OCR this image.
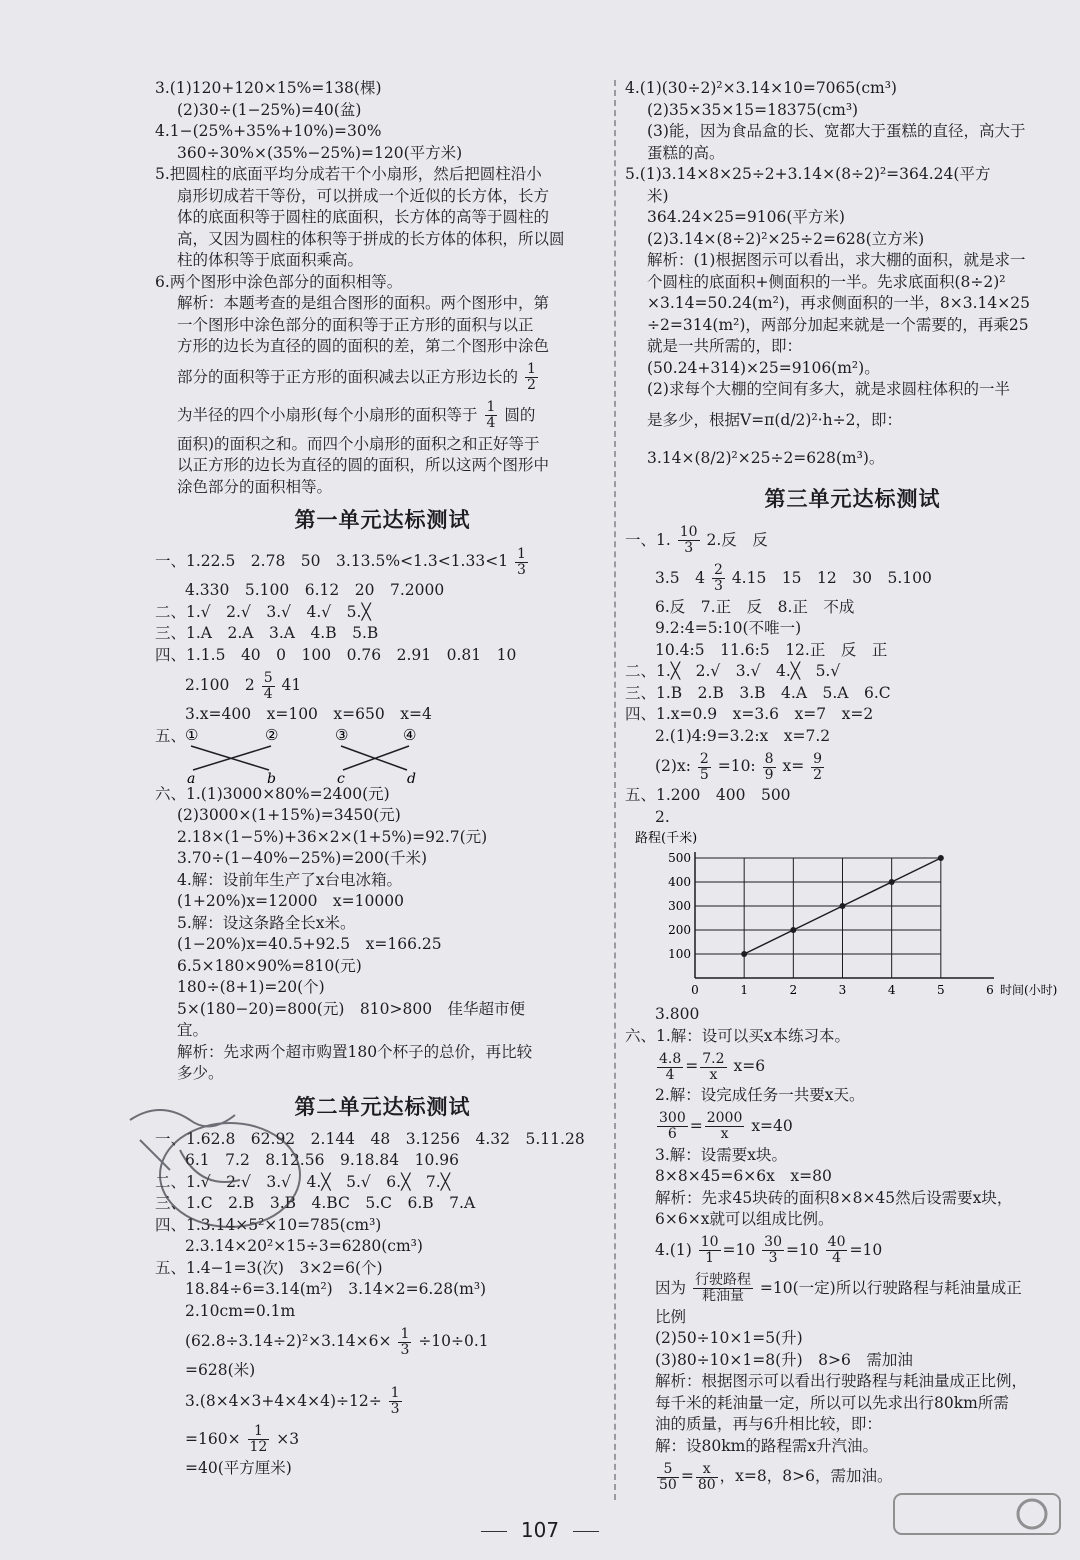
3.(1)120+120×15%=138(棵)
(2)30÷(1−25%)=40(盆)
4.1−(25%+35%+10%)=30%
360÷30%×(35%−25%)=120(平方米)
5.把圆柱的底面平均分成若干个小扇形，然后把圆柱沿小
扇形切成若干等份，可以拼成一个近似的长方体，长方
体的底面积等于圆柱的底面积，长方体的高等于圆柱的
高，又因为圆柱的体积等于拼成的长方体的体积，所以圆
柱的体积等于底面积乘高。
6.两个图形中涂色部分的面积相等。
解析：本题考查的是组合图形的面积。两个图形中，第
一个图形中涂色部分的面积等于正方形的面积与以正
方形的边长为直径的圆的面积的差，第二个图形中涂色
部分的面积等于正方形的面积减去以正方形边长的 $\frac{1}{2}$
为半径的四个小扇形(每个小扇形的面积等于 $\frac{1}{4}$ 圆的
面积)的面积之和。而四个小扇形的面积之和正好等于
以正方形的边长为直径的圆的面积，所以这两个图形中
涂色部分的面积相等。
第一单元达标测试
一、1.22.5　2.78　50　$3.13.5\%<1.3<1.33<1 \frac{1}{3}$
4.330　5.100　6.12　20　7.2000
二、1.√　2.√　3.√　4.√　5.╳
三、1.A　2.A　3.A　4.B　5.B
四、1.1.5　40　0　100　0.76　2.91　0.81　10
2.100　$2 \frac{5}{4} 41$
3.x=400　x=100　x=650　x=4
五、
①	②	③	④
a	b	c	d
六、1.(1)3000×80%=2400(元)
(2)3000×(1+15%)=3450(元)
2.18×(1−5%)+36×2×(1+5%)=92.7(元)
3.70÷(1−40%−25%)=200(千米)
4.解：设前年生产了x台电冰箱。
(1+20%)x=12000　x=10000
5.解：设这条路全长x米。
(1−20%)x=40.5+92.5　x=166.25
6.5×180×90%=810(元)
180÷(8+1)=20(个)
5×(180−20)=800(元)　810>800　佳华超市便
宜。
解析：先求两个超市购置180个杯子的总价，再比较
多少。
第二单元达标测试
一、1.62.8　62.92　2.144　48　3.1256　4.32　5.11.28
6.1　7.2　8.12.56　9.18.84　10.96
二、1.√　2.√　3.√　4.╳　5.√　6.╳　7.╳
三、1.C　2.B　3.B　4.BC　5.C　6.B　7.A
四、1.3.14×5²×10=785(cm³)
2.3.14×20²×15÷3=6280(cm³)
五、1.4−1=3(次)　3×2=6(个)
18.84÷6=3.14(m²)　3.14×2=6.28(m³)
2.10cm=0.1m
$(62.8\div 3.14\div 2)^2\times 3.14\times 6\times \frac{1}{3} \div 10\div 0.1$
=628(米)
$3.(8\times 4\times 3+4\times 4\times 4)\div 12\div \frac{1}{3}$
$=160\times \frac{1}{12} \times 3$
=40(平方厘米)
4.(1)(30÷2)²×3.14×10=7065(cm³)
(2)35×35×15=18375(cm³)
(3)能，因为食品盒的长、宽都大于蛋糕的直径，高大于
蛋糕的高。
5.(1)3.14×8×25÷2+3.14×(8÷2)²=364.24(平方
米)
364.24×25=9106(平方米)
(2)3.14×(8÷2)²×25÷2=628(立方米)
解析：(1)根据图示可以看出，求大棚的面积，就是求一
个圆柱的底面积+侧面积的一半。先求底面积(8÷2)²
×3.14=50.24(m²)，再求侧面积的一半，8×3.14×25
÷2=314(m²)，两部分加起来就是一个需要的，再乘25
就是一共所需的，即：
(50.24+314)×25=9106(m²)。
(2)求每个大棚的空间有多大，就是求圆柱体积的一半
是多少，根据V=π(d/2)²·h÷2，即：
3.14×(8/2)²×25÷2=628(m³)。
第三单元达标测试
一、1. $\frac{10}{3} 2$.反　反
3.5　$4 \frac{2}{3} 4.15$　15　12　30　5.100
6.反　7.正　反　8.正　不成
9.2:4=5:10(不唯一)
10.4:5　11.6:5　12.正　反　正
二、1.╳　2.√　3.√　4.╳　5.√
三、1.B　2.B　3.B　4.A　5.A　6.C
四、1.x=0.9　x=3.6　x=7　x=2
2.(1)4:9=3.2:x　x=7.2
(2)x: $\frac{2}{5} =10$: $\frac{8}{9} x= \frac{9}{2}$
五、1.200　400　500
2.
路程(千米)
100
200
300
400
500
0	1	2	3	4	5	6 时间(小时)
3.800
六、1.解：设可以买x本练习本。
$\frac{4.8}{4} = \frac{7.2}{x} x=6$
2.解：设完成任务一共要x天。
$\frac{300}{6} = \frac{2000}{x} x=40$
3.解：设需要x块。
8×8×45=6×6x　x=80
解析：先求45块砖的面积8×8×45然后设需要x块，
6×6×x就可以组成比例。
$4.(1) \frac{10}{1} =10 \frac{30}{3} =10 \frac{40}{4} =10$
因为 $\frac{\text{行驶路程}}{\text{耗油量}} =10$(一定)所以行驶路程与耗油量成正
比例
(2)50÷10×1=5(升)
(3)80÷10×1=8(升)　8>6　需加油
解析：根据图示可以看出行驶路程与耗油量成正比例，
每千米的耗油量一定，所以可以先求出行80km所需
油的质量，再与6升相比较，即：
解：设80km的路程需x升汽油。
$\frac{5}{50} = \frac{x}{80}$ ，x=8，8>6，需加油。
107
